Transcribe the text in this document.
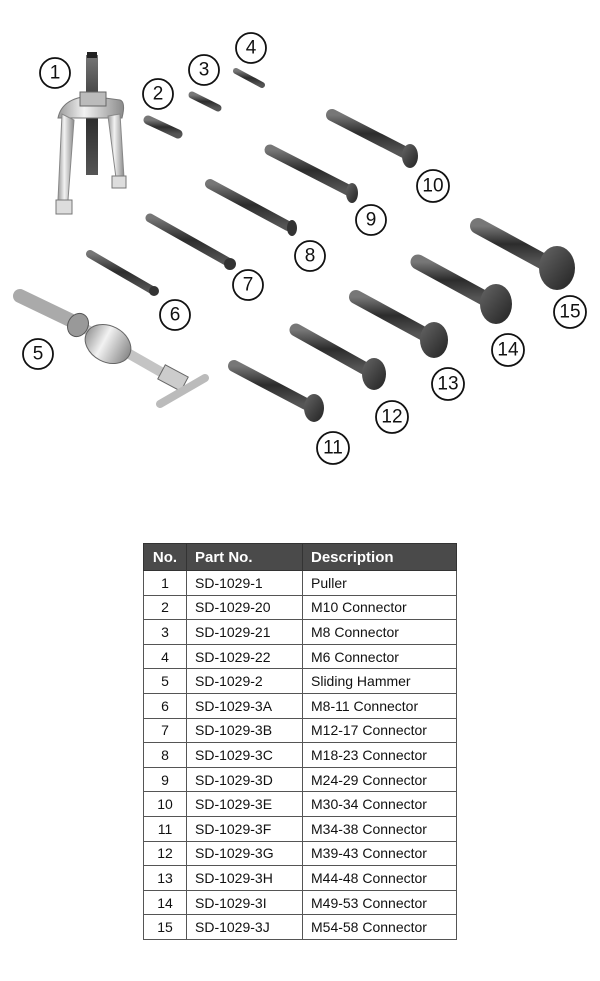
1
2
3
4
5
6
7
8
9
10
11
12
13
14
15
No.	Part No.	Description
1	SD-1029-1	Puller
2	SD-1029-20	M10 Connector
3	SD-1029-21	M8 Connector
4	SD-1029-22	M6 Connector
5	SD-1029-2	Sliding Hammer
6	SD-1029-3A	M8-11 Connector
7	SD-1029-3B	M12-17 Connector
8	SD-1029-3C	M18-23 Connector
9	SD-1029-3D	M24-29 Connector
10	SD-1029-3E	M30-34 Connector
11	SD-1029-3F	M34-38 Connector
12	SD-1029-3G	M39-43 Connector
13	SD-1029-3H	M44-48 Connector
14	SD-1029-3I	M49-53 Connector
15	SD-1029-3J	M54-58 Connector
